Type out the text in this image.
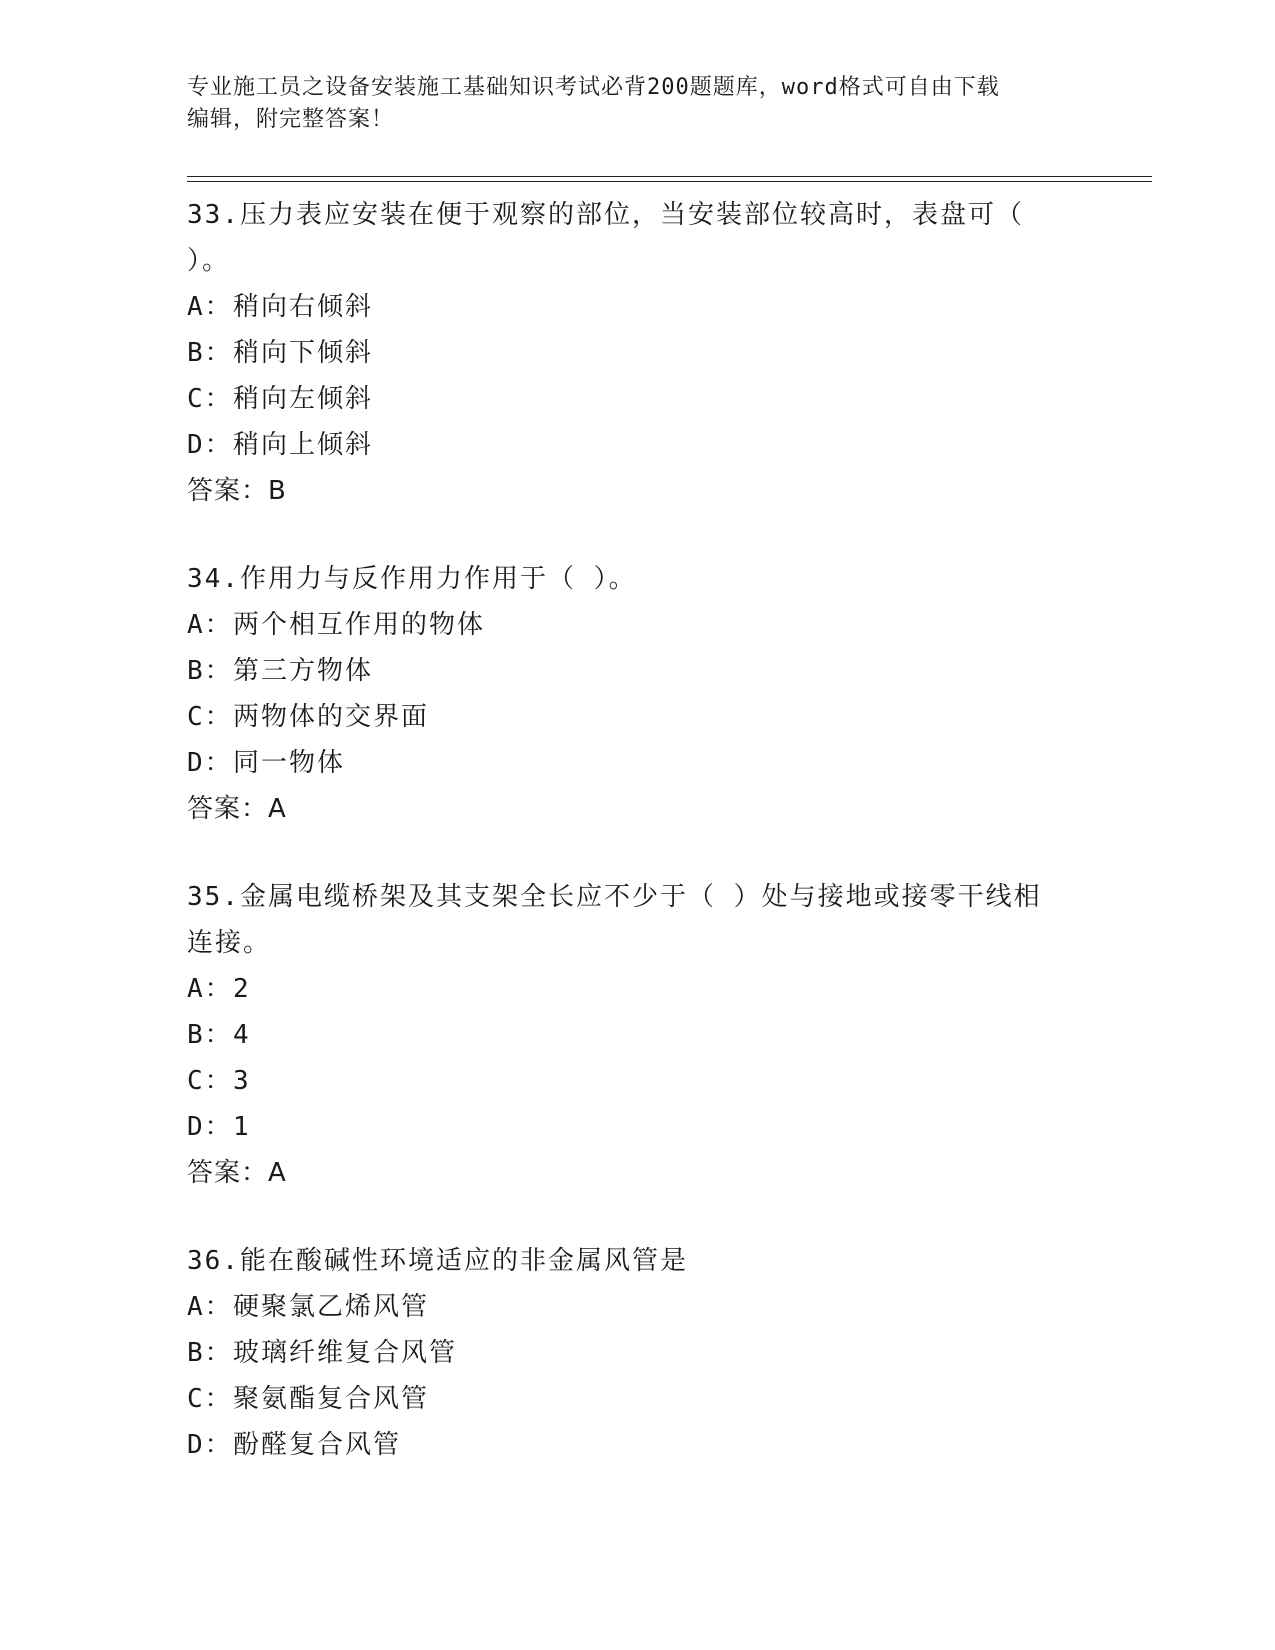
专业施工员之设备安装施工基础知识考试必背200题题库，word格式可自由下载
编辑，附完整答案！

33.压力表应安装在便于观察的部位，当安装部位较高时，表盘可（

）。

A：稍向右倾斜

B：稍向下倾斜

C：稍向左倾斜

D：稍向上倾斜

答案：B

34.作用力与反作用力作用于（ ）。

A：两个相互作用的物体

B：第三方物体

C：两物体的交界面

D：同一物体

答案：A

35.金属电缆桥架及其支架全长应不少于（ ）处与接地或接零干线相

连接。

A：2

B：4

C：3

D：1

答案：A

36.能在酸碱性环境适应的非金属风管是

A：硬聚氯乙烯风管

B：玻璃纤维复合风管

C：聚氨酯复合风管

D：酚醛复合风管
